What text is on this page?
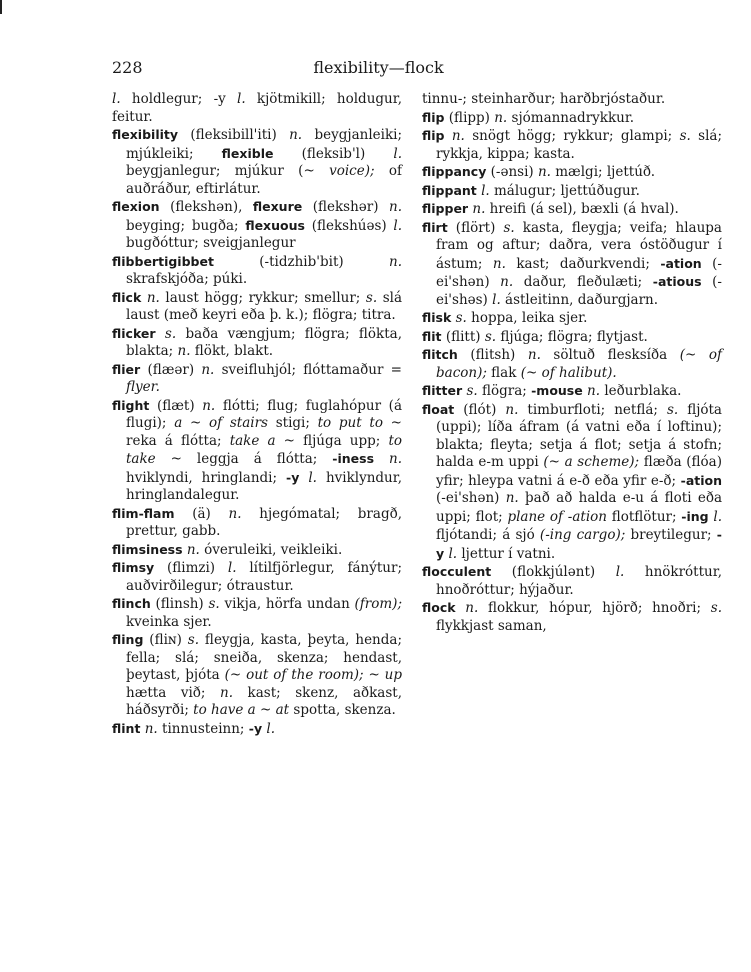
228	flexibility—flock

l. holdlegur; -y l. kjötmikill; holdugur, feitur.

flexibility (fleksibill'iti) n. beygjanleiki; mjúkleiki; flexible (fleksib'l) l. beygjanlegur; mjúkur (~ voice); of auðráður, eftirlátur.

flexion (flekshən), flexure (flekshər) n. beyging; bugða; flexuous (flekshúəs) l. bugðóttur; sveigjanlegur

flibbertigibbet (-tidzhib'bit) n. skrafskjóða; púki.

flick n. laust högg; rykkur; smellur; s. slá laust (með keyri eða þ. k.); flögra; titra.

flicker s. baða vængjum; flögra; flökta, blakta; n. flökt, blakt.

flier (flæər) n. sveifluhjól; flóttamaður = flyer.

flight (flæt) n. flótti; flug; fuglahópur (á flugi); a ~ of stairs stigi; to put to ~ reka á flótta; take a ~ fljúga upp; to take ~ leggja á flótta; -iness n. hviklyndi, hringlandi; -y l. hviklyndur, hringlandalegur.

flim-flam (ä) n. hjegómatal; bragð, prettur, gabb.

flimsiness n. óveruleiki, veikleiki.

flimsy (flimzi) l. lítilfjörlegur, fánýtur; auðvirðilegur; ótraustur.

flinch (flinsh) s. vikja, hörfa undan (from); kveinka sjer.

fling (fliɴ) s. fleygja, kasta, þeyta, henda; fella; slá; sneiða, skenza; hendast, þeytast, þjóta (~ out of the room); ~ up hætta við; n. kast; skenz, aðkast, háðsyrði; to have a ~ at spotta, skenza.

flint n. tinnusteinn; -y l.

tinnu-; steinharður; harðbrjóstaður.

flip (flipp) n. sjómannadrykkur.

flip n. snögt högg; rykkur; glampi; s. slá; rykkja, kippa; kasta.

flippancy (-ənsi) n. mælgi; ljettúð.

flippant l. málugur; ljettúðugur.

flipper n. hreifi (á sel), bæxli (á hval).

flirt (flört) s. kasta, fleygja; veifa; hlaupa fram og aftur; daðra, vera óstöðugur í ástum; n. kast; daðurkvendi; -ation (-ei'shən) n. daður, fleðulæti; -atious (-ei'shəs) l. ástleitinn, daðurgjarn.

flisk s. hoppa, leika sjer.

flit (flitt) s. fljúga; flögra; flytjast.

flitch (flitsh) n. söltuð flesksíða (~ of bacon); flak (~ of halibut).

flitter s. flögra; -mouse n. leðurblaka.

float (flót) n. timburfloti; netflá; s. fljóta (uppi); líða áfram (á vatni eða í loftinu); blakta; fleyta; setja á flot; setja á stofn; halda e-m uppi (~ a scheme); flæða (flóa) yfir; hleypa vatni á e-ð eða yfir e-ð; -ation (-ei'shən) n. það að halda e-u á floti eða uppi; flot; plane of -ation flotflötur; -ing l. fljótandi; á sjó (-ing cargo); breytilegur; -y l. ljettur í vatni.

flocculent (flokkjúlənt) l. hnökróttur, hnoðróttur; hýjaður.

flock n. flokkur, hópur, hjörð; hnoðri; s. flykkjast saman,
